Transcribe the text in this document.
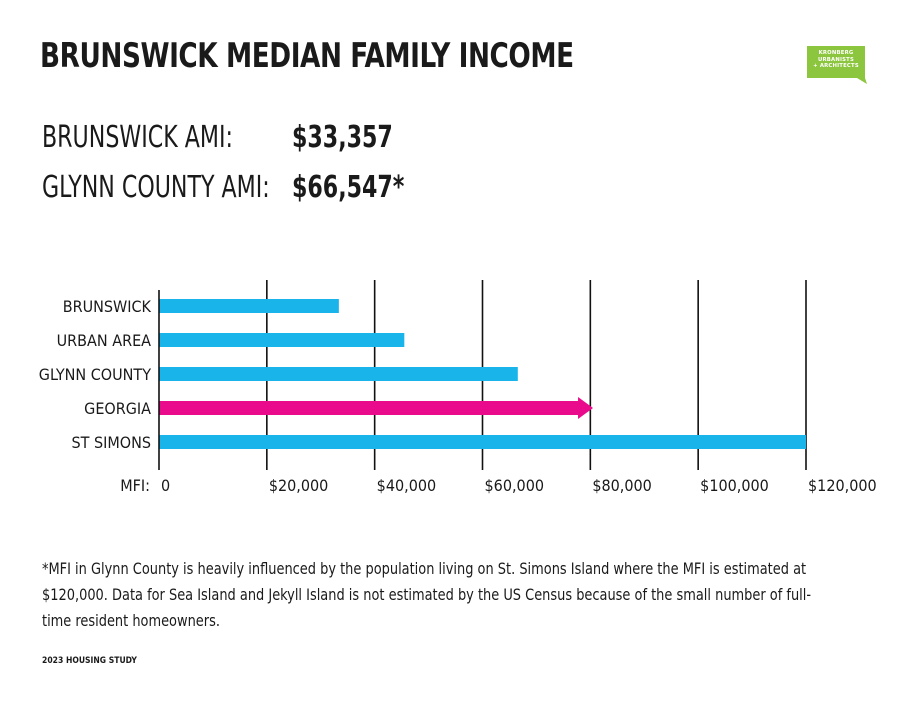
BRUNSWICK MEDIAN FAMILY INCOME	KRONBERG
URBANISTS
+ ARCHITECTS
BRUNSWICK AMI: $33,357
GLYNN COUNTY AMI: $66,547*
BRUNSWICK
URBAN AREA
GLYNN COUNTY
GEORGIA
ST SIMONS
MFI: 0	$20,000	$40,000	$60,000	$80,000	$100,000 $120,000

*MFI in Glynn County is heavily influenced by the population living on St. Simons Island where the MFI is estimated at $120,000. Data for Sea Island and Jekyll Island is not estimated by the US Census because of the small number of full-time resident homeowners.

2023 HOUSING STUDY
